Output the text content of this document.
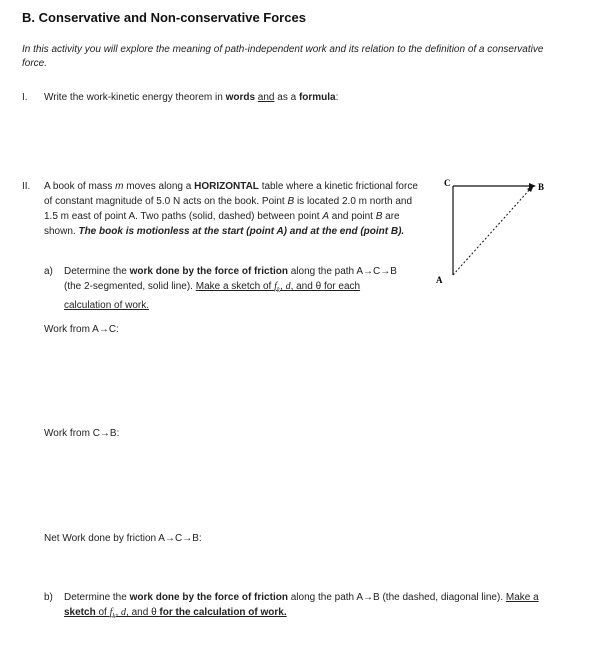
B. Conservative and Non-conservative Forces
In this activity you will explore the meaning of path-independent work and its relation to the definition of a conservative force.
I. Write the work-kinetic energy theorem in words and as a formula:
II. A book of mass m moves along a HORIZONTAL table where a kinetic frictional force of constant magnitude of 5.0 N acts on the book. Point B is located 2.0 m north and 1.5 m east of point A. Two paths (solid, dashed) between point A and point B are shown. The book is motionless at the start (point A) and at the end (point B).
C	B
A
a) Determine the work done by the force of friction along the path A→C→B (the 2-segmented, solid line). Make a sketch of $f_k$, d, and θ for each calculation of work.
Work from A→C:
Work from C→B:
Net Work done by friction A→C→B:
b) Determine the work done by the force of friction along the path A→B (the dashed, diagonal line). Make a sketch of $f_k$, d, and θ for the calculation of work.
